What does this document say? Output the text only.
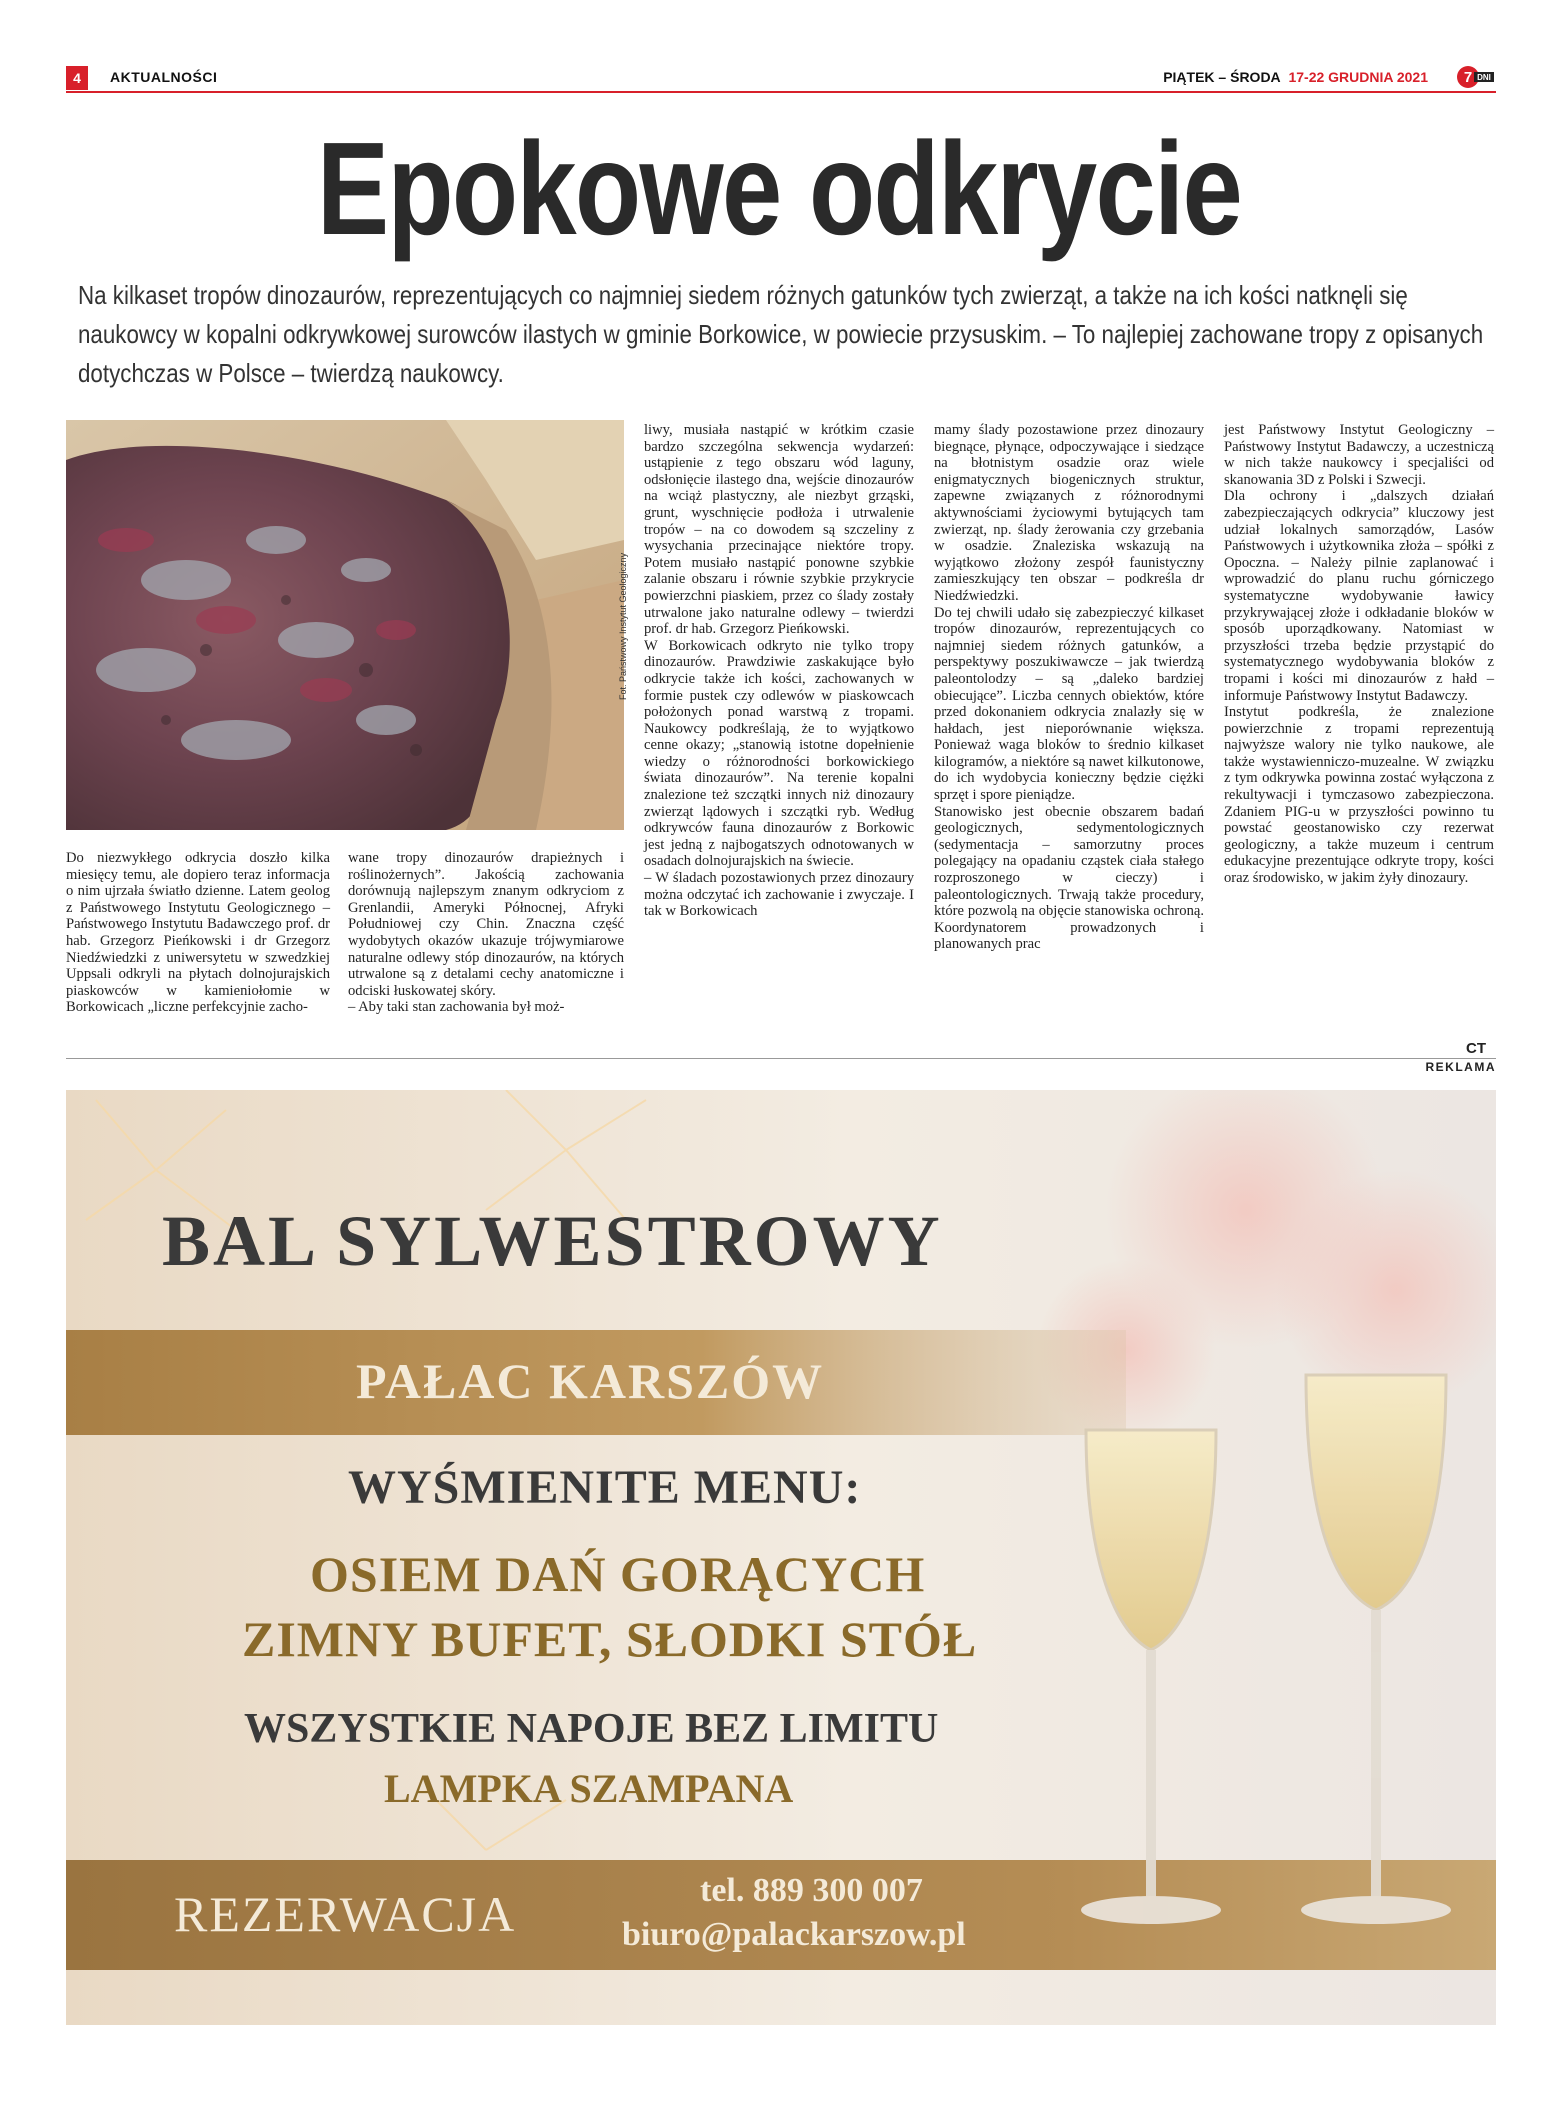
4	AKTUALNOŚCI	PIĄTEK – ŚRODA 17-22 GRUDNIA 2021 7 DNI
Epokowe odkrycie
Na kilkaset tropów dinozaurów, reprezentujących co najmniej siedem różnych gatunków tych zwierząt, a także na ich kości natknęli się naukowcy w kopalni odkrywkowej surowców ilastych w gminie Borkowice, w powiecie przysuskim. – To najlepiej zachowane tropy z opisanych dotychczas w Polsce – twierdzą naukowcy.
Fot. Państwowy Instytut Geologiczny
Do niezwykłego odkrycia doszło kilka miesięcy temu, ale dopiero teraz informacja o nim ujrzała światło dzienne. Latem geolog z Państwowego Instytutu Geologicznego – Państwowego Instytutu Badawczego prof. dr hab. Grzegorz Pieńkowski i dr Grzegorz Niedźwiedzki z uniwersytetu w szwedzkiej Uppsali odkryli na płytach dolnojurajskich piaskowców w kamieniołomie w Borkowicach „liczne perfekcyjnie zacho-
wane tropy dinozaurów drapieżnych i roślinożernych”. Jakością zachowania dorównują najlepszym znanym odkryciom z Grenlandii, Ameryki Północnej, Afryki Południowej czy Chin. Znaczna część wydobytych okazów ukazuje trójwymiarowe naturalne odlewy stóp dinozaurów, na których utrwalone są z detalami cechy anatomiczne i odciski łuskowatej skóry.
– Aby taki stan zachowania był moż-
liwy, musiała nastąpić w krótkim czasie bardzo szczególna sekwencja wydarzeń: ustąpienie z tego obszaru wód laguny, odsłonięcie ilastego dna, wejście dinozaurów na wciąż plastyczny, ale niezbyt grząski, grunt, wyschnięcie podłoża i utrwalenie tropów – na co dowodem są szczeliny z wysychania przecinające niektóre tropy. Potem musiało nastąpić ponowne szybkie zalanie obszaru i równie szybkie przykrycie powierzchni piaskiem, przez co ślady zostały utrwalone jako naturalne odlewy – twierdzi prof. dr hab. Grzegorz Pieńkowski.
W Borkowicach odkryto nie tylko tropy dinozaurów. Prawdziwie zaskakujące było odkrycie także ich kości, zachowanych w formie pustek czy odlewów w piaskowcach położonych ponad warstwą z tropami. Naukowcy podkreślają, że to wyjątkowo cenne okazy; „stanowią istotne dopełnienie wiedzy o różnorodności borkowickiego świata dinozaurów”. Na terenie kopalni znalezione też szczątki innych niż dinozaury zwierząt lądowych i szczątki ryb. Według odkrywców fauna dinozaurów z Borkowic jest jedną z najbogatszych odnotowanych w osadach dolnojurajskich na świecie.
– W śladach pozostawionych przez dinozaury można odczytać ich zachowanie i zwyczaje. I tak w Borkowicach
mamy ślady pozostawione przez dinozaury biegnące, płynące, odpoczywające i siedzące na błotnistym osadzie oraz wiele enigmatycznych biogenicznych struktur, zapewne związanych z różnorodnymi aktywnościami życiowymi bytujących tam zwierząt, np. ślady żerowania czy grzebania w osadzie. Znaleziska wskazują na wyjątkowo złożony zespół faunistyczny zamieszkujący ten obszar – podkreśla dr Niedźwiedzki.
Do tej chwili udało się zabezpieczyć kilkaset tropów dinozaurów, reprezentujących co najmniej siedem różnych gatunków, a perspektywy poszukiwawcze – jak twierdzą paleontolodzy – są „daleko bardziej obiecujące”. Liczba cennych obiektów, które przed dokonaniem odkrycia znalazły się w hałdach, jest nieporównanie większa. Ponieważ waga bloków to średnio kilkaset kilogramów, a niektóre są nawet kilkutonowe, do ich wydobycia konieczny będzie ciężki sprzęt i spore pieniądze.
Stanowisko jest obecnie obszarem badań geologicznych, sedymentologicznych (sedymentacja – samorzutny proces polegający na opadaniu cząstek ciała stałego rozproszonego w cieczy) i paleontologicznych. Trwają także procedury, które pozwolą na objęcie stanowiska ochroną. Koordynatorem prowadzonych i planowanych prac
jest Państwowy Instytut Geologiczny – Państwowy Instytut Badawczy, a uczestniczą w nich także naukowcy i specjaliści od skanowania 3D z Polski i Szwecji.
Dla ochrony i „dalszych działań zabezpieczających odkrycia” kluczowy jest udział lokalnych samorządów, Lasów Państwowych i użytkownika złoża – spółki z Opoczna. – Należy pilnie zaplanować i wprowadzić do planu ruchu górniczego systematyczne wydobywanie ławicy przykrywającej złoże i odkładanie bloków w sposób uporządkowany. Natomiast w przyszłości trzeba będzie przystąpić do systematycznego wydobywania bloków z tropami i kości mi dinozaurów z hałd – informuje Państwowy Instytut Badawczy.
Instytut podkreśla, że znalezione powierzchnie z tropami reprezentują najwyższe walory nie tylko naukowe, ale także wystawienniczo-muzealne. W związku z tym odkrywka powinna zostać wyłączona z rekultywacji i tymczasowo zabezpieczona. Zdaniem PIG-u w przyszłości powinno tu powstać geostanowisko czy rezerwat geologiczny, a także muzeum i centrum edukacyjne prezentujące odkryte tropy, kości oraz środowisko, w jakim żyły dinozaury.
CT
REKLAMA
BAL SYLWESTROWY
PAŁAC KARSZÓW
WYŚMIENITE MENU:
OSIEM DAŃ GORĄCYCH
ZIMNY BUFET, SŁODKI STÓŁ
WSZYSTKIE NAPOJE BEZ LIMITU
LAMPKA SZAMPANA
REZERWACJA	tel. 889 300 007
biuro@palackarszow.pl
